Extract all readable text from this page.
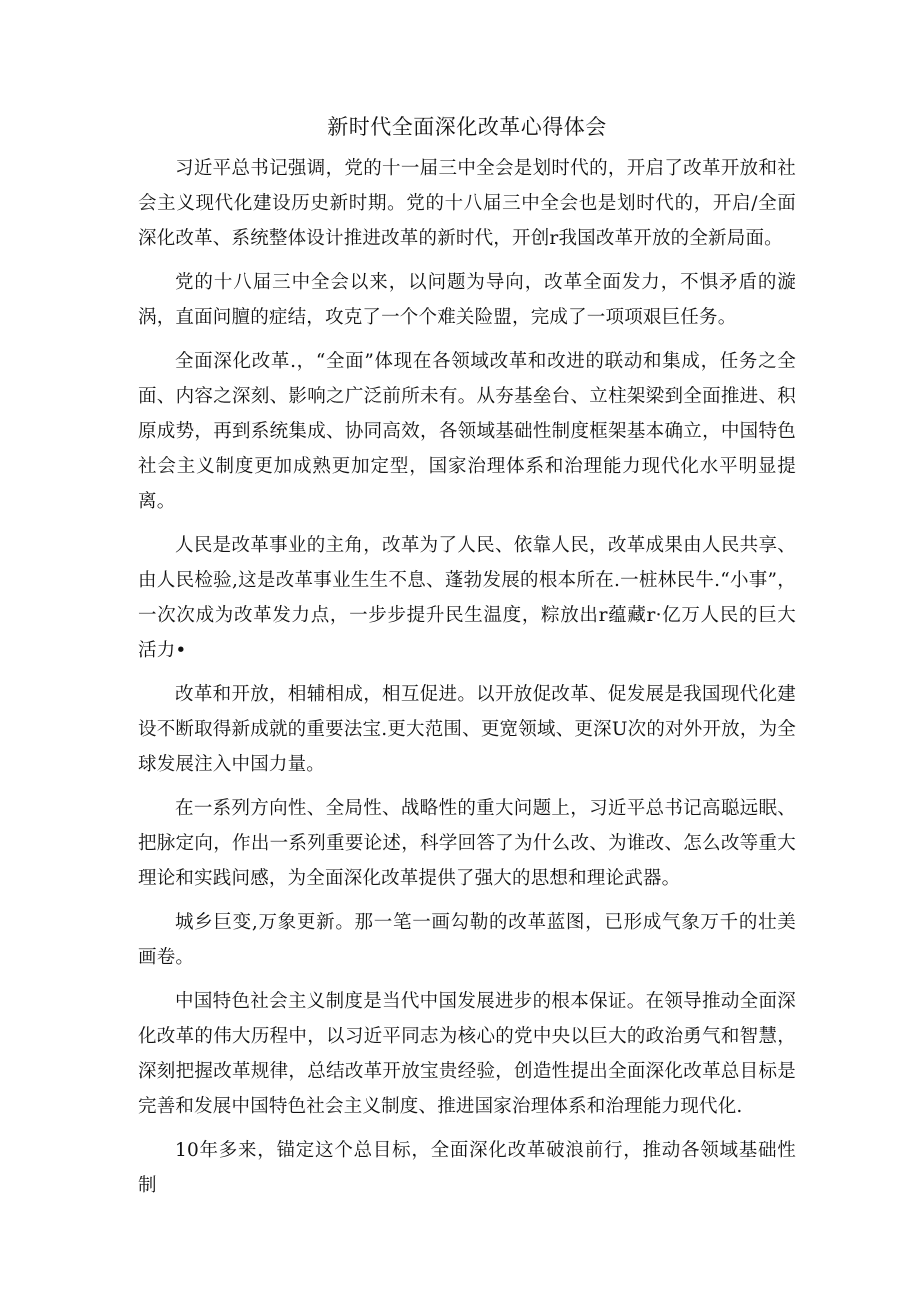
新时代全面深化改革心得体会

习近平总书记强调，党的十一届三中全会是划时代的，开启了改革开放和社会主义现代化建设历史新时期。党的十八届三中全会也是划时代的，开启/全面深化改革、系统整体设计推进改革的新时代，开创r我国改革开放的全新局面。

党的十八届三中全会以来，以问题为导向，改革全面发力，不惧矛盾的漩涡，直面问膻的症结，攻克了一个个难关险盟，完成了一项项艰巨任务。

全面深化改革.，“全面”体现在各领域改革和改进的联动和集成，任务之全面、内容之深刻、影响之广泛前所未有。从夯基垒台、立柱架梁到全面推进、积原成势，再到系统集成、协同高效，各领域基础性制度框架基本确立，中国特色社会主义制度更加成熟更加定型，国家治理体系和治理能力现代化水平明显提离。

人民是改革事业的主角，改革为了人民、依靠人民，改革成果由人民共享、由人民检验,这是改革事业生生不息、蓬勃发展的根本所在.一桩林民牛.“小事”，一次次成为改革发力点，一步步提升民生温度，粽放出r蕴藏r·亿万人民的巨大活力•

改革和开放，相辅相成，相互促进。以开放促改革、促发展是我国现代化建设不断取得新成就的重要法宝.更大范围、更宽领域、更深U次的对外开放，为全球发展注入中国力量。

在一系列方向性、全局性、战略性的重大问题上，习近平总书记高聪远眠、把脉定向，作出一系列重要论述，科学回答了为什么改、为谁改、怎么改等重大理论和实践问感，为全面深化改革提供了强大的思想和理论武器。

城乡巨变,万象更新。那一笔一画勾勒的改革蓝图，已形成气象万千的壮美画卷。

中国特色社会主义制度是当代中国发展进步的根本保证。在领导推动全面深化改革的伟大历程中，以习近平同志为核心的党中央以巨大的政治勇气和智慧，深刻把握改革规律，总结改革开放宝贵经验，创造性提出全面深化改革总目标是完善和发展中国特色社会主义制度、推进国家治理体系和治理能力现代化.

10年多来，锚定这个总目标，全面深化改革破浪前行，推动各领域基础性制
